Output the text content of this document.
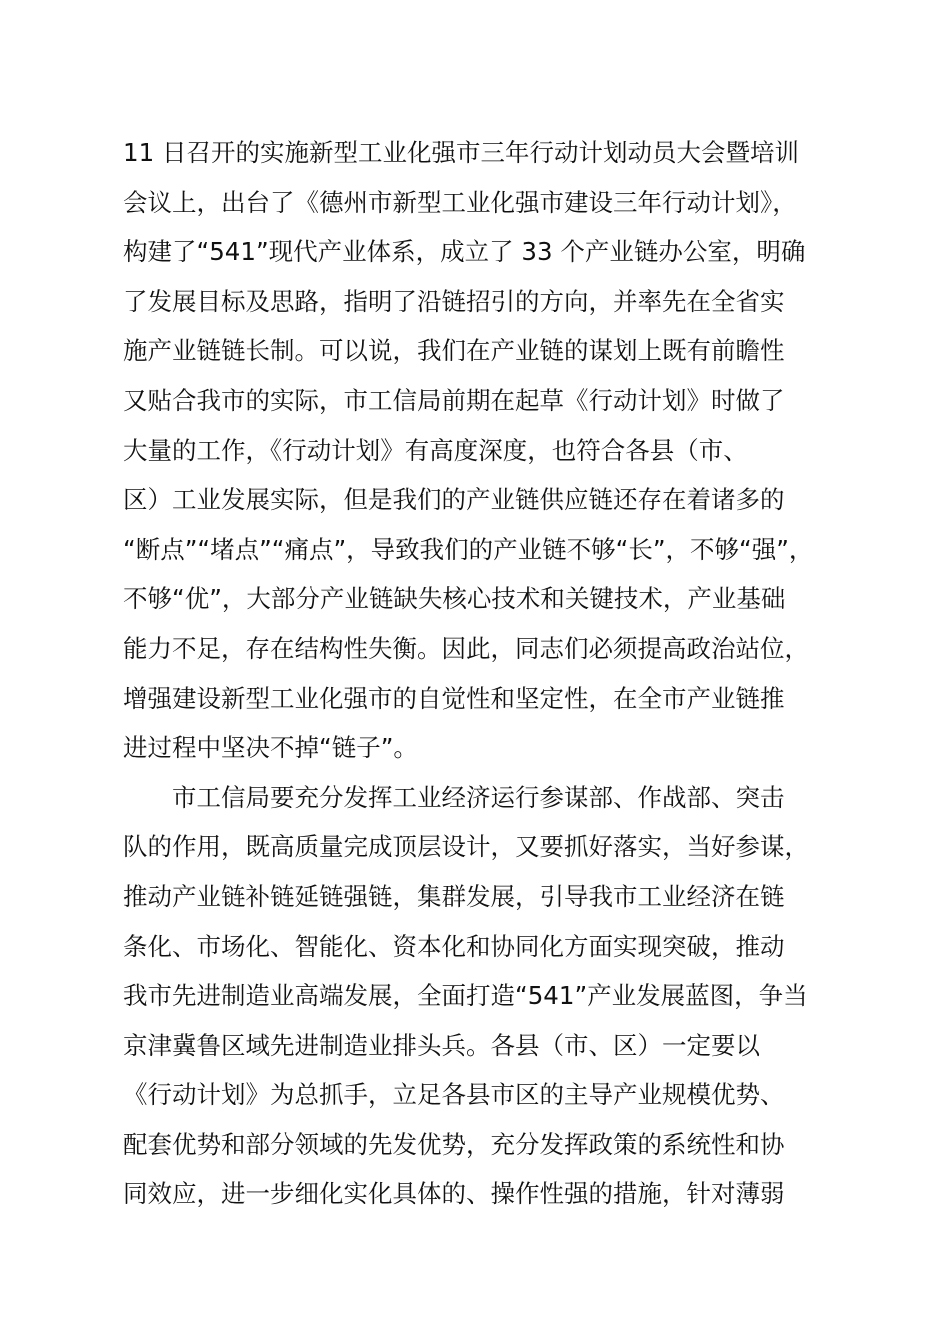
11 日召开的实施新型工业化强市三年行动计划动员大会暨培训
会议上，出台了《德州市新型工业化强市建设三年行动计划》，
构建了“541”现代产业体系，成立了 33 个产业链办公室，明确
了发展目标及思路，指明了沿链招引的方向，并率先在全省实
施产业链链长制。可以说，我们在产业链的谋划上既有前瞻性
又贴合我市的实际，市工信局前期在起草《行动计划》时做了
大量的工作，《行动计划》有高度深度，也符合各县（市、
区）工业发展实际，但是我们的产业链供应链还存在着诸多的
“断点”“堵点”“痛点”，导致我们的产业链不够“长”，不够“强”，
不够“优”，大部分产业链缺失核心技术和关键技术，产业基础
能力不足，存在结构性失衡。因此，同志们必须提高政治站位，
增强建设新型工业化强市的自觉性和坚定性，在全市产业链推
进过程中坚决不掉“链子”。
市工信局要充分发挥工业经济运行参谋部、作战部、突击
队的作用，既高质量完成顶层设计，又要抓好落实，当好参谋，
推动产业链补链延链强链，集群发展，引导我市工业经济在链
条化、市场化、智能化、资本化和协同化方面实现突破，推动
我市先进制造业高端发展，全面打造“541”产业发展蓝图，争当
京津冀鲁区域先进制造业排头兵。各县（市、区）一定要以
《行动计划》为总抓手，立足各县市区的主导产业规模优势、
配套优势和部分领域的先发优势，充分发挥政策的系统性和协
同效应，进一步细化实化具体的、操作性强的措施，针对薄弱
